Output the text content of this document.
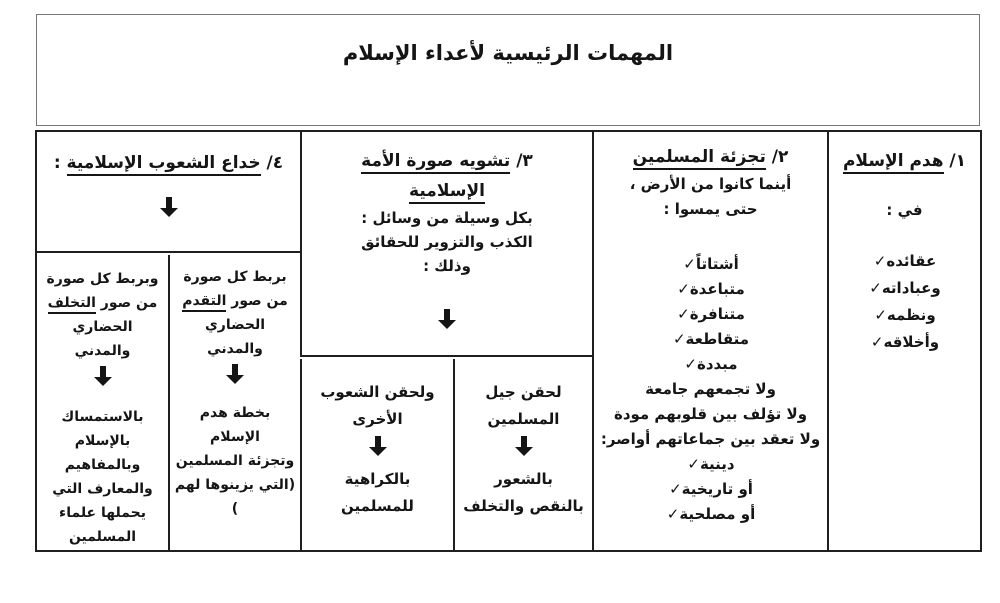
المهمات الرئيسية لأعداء الإسلام
١/ هدم الإسلام
في :
عقائده✓
وعباداته✓
ونظمه✓
وأخلاقه✓
٢/ تجزئة المسلمين
أينما كانوا من الأرض ،
حتى يمسوا :
أشتاتاً✓
متباعدة✓
متنافرة✓
متقاطعة✓
مبددة✓
ولا تجمعهم جامعة
ولا تؤلف بين قلوبهم مودة
ولا تعقد بين جماعاتهم أواصر:
دينية✓
أو تاريخية✓
أو مصلحية✓
٣/ تشويه صورة الأمة
الإسلامية
بكل وسيلة من وسائل :
الكذب والتزوير للحقائق
وذلك :
لحقن جيل
المسلمين
بالشعور
بالنقص والتخلف
ولحقن الشعوب
الأخرى
بالكراهية
للمسلمين
٤/ خداع الشعوب الإسلامية :
بربط كل صورة
من صور التقدم
الحضاري
والمدني
بخطة هدم
الإسلام
وتجزئة المسلمين
(التي يزينوها لهم )
وبربط كل صورة
من صور التخلف
الحضاري
والمدني
بالاستمساك
بالإسلام
وبالمفاهيم
والمعارف التي
يحملها علماء
المسلمين
